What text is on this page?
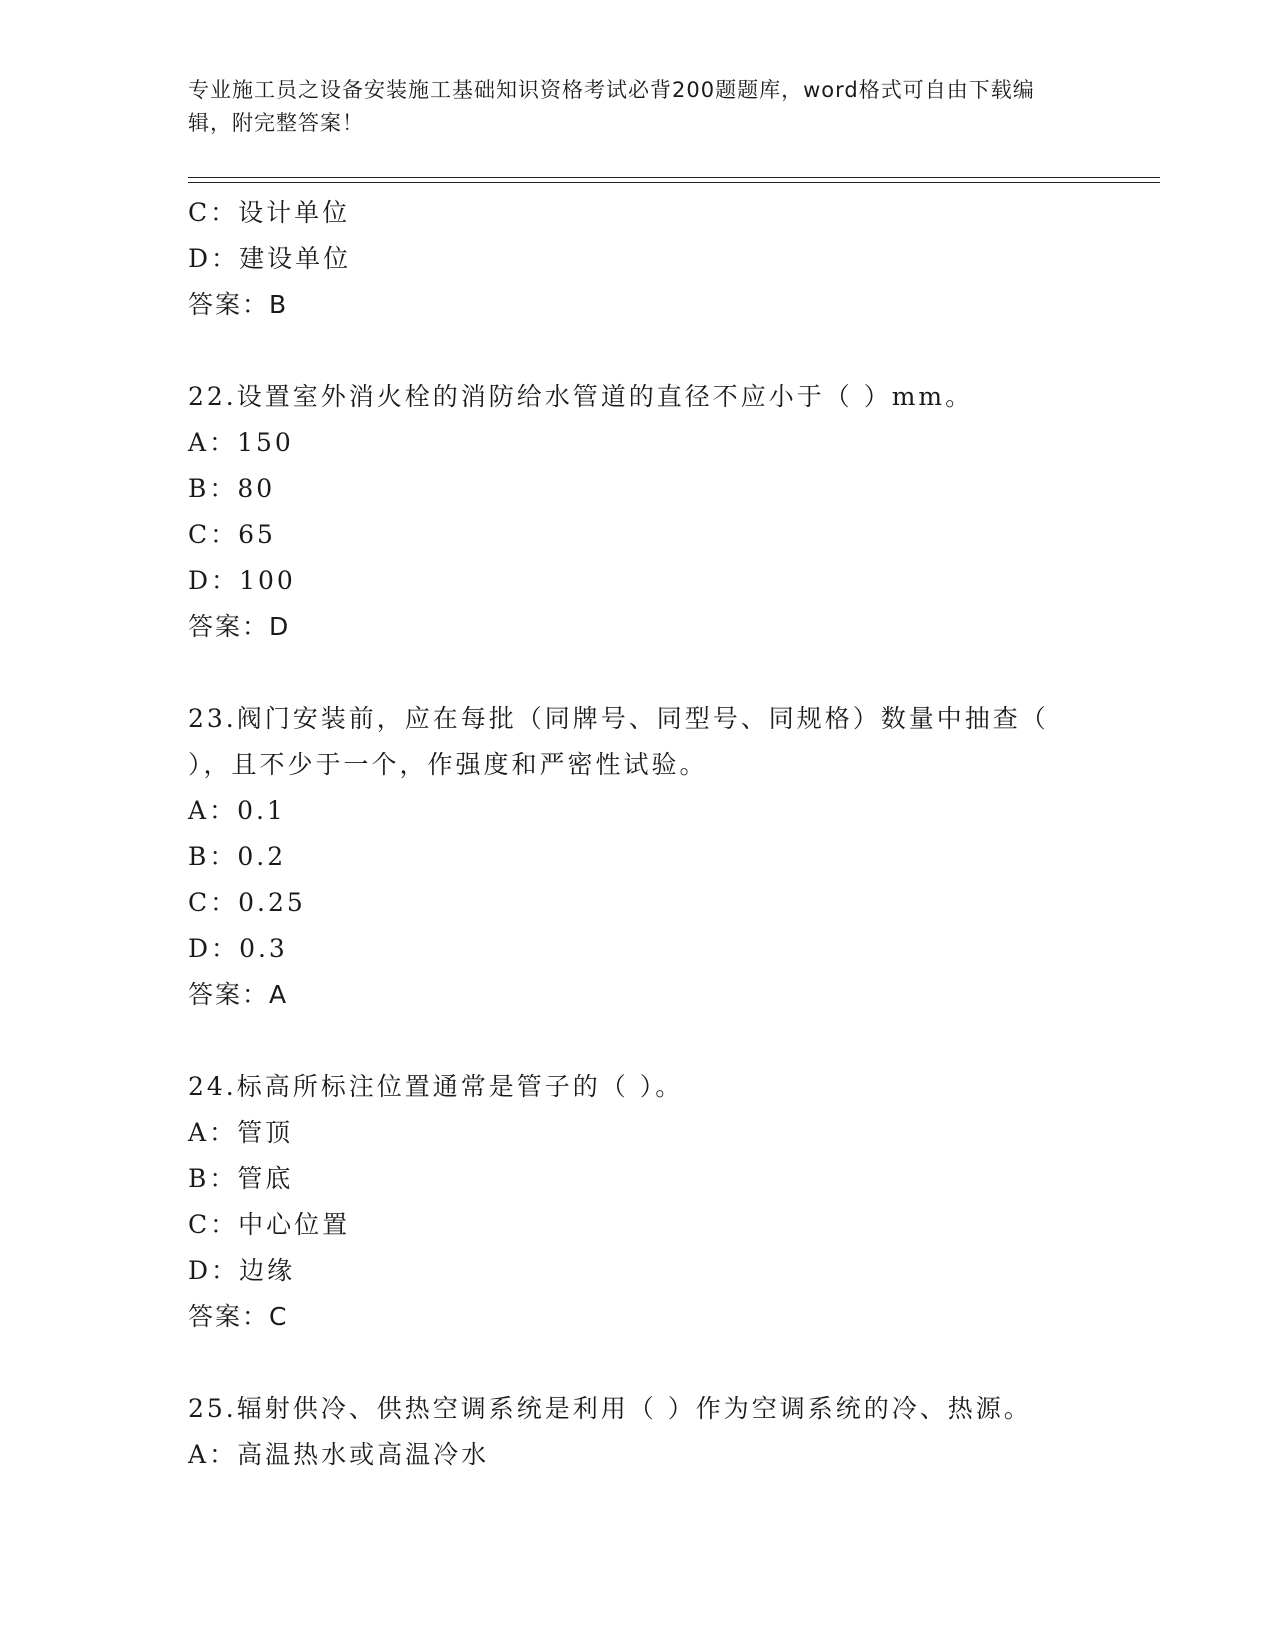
专业施工员之设备安装施工基础知识资格考试必背200题题库，word格式可自由下载编辑，附完整答案！
C：设计单位
D：建设单位
答案：B
22.设置室外消火栓的消防给水管道的直径不应小于（ ）mm。
A：150
B：80
C：65
D：100
答案：D
23.阀门安装前，应在每批（同牌号、同型号、同规格）数量中抽查（
），且不少于一个，作强度和严密性试验。
A：0.1
B：0.2
C：0.25
D：0.3
答案：A
24.标高所标注位置通常是管子的（ ）。
A：管顶
B：管底
C：中心位置
D：边缘
答案：C
25.辐射供冷、供热空调系统是利用（ ）作为空调系统的冷、热源。
A：高温热水或高温冷水
